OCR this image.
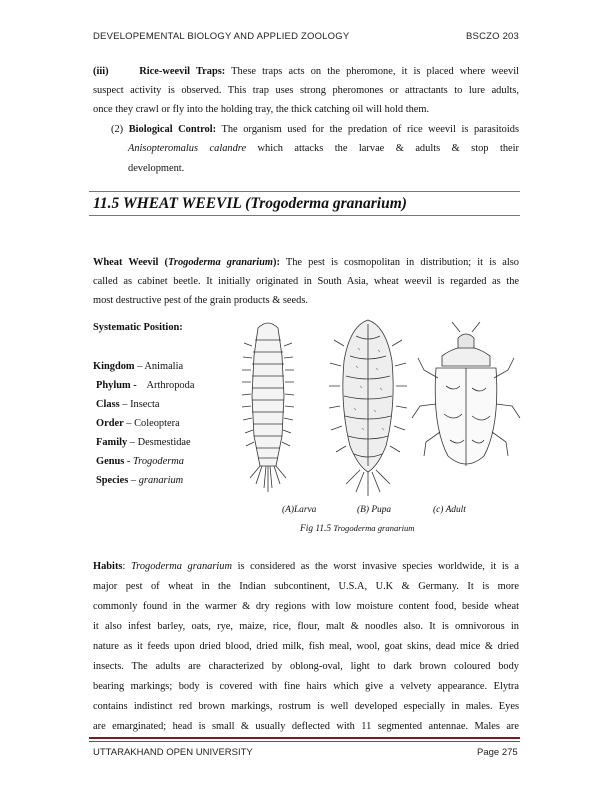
DEVELOPEMENTAL BIOLOGY AND APPLIED ZOOLOGY	BSCZO 203
(iii)	Rice-weevil Traps: These traps acts on the pheromone, it is placed where weevil
suspect activity is observed. This trap uses strong pheromones or attractants to lure adults,
once they crawl or fly into the holding tray, the thick catching oil will hold them.
(2) Biological Control: The organism used for the predation of rice weevil is parasitoids
Anisopteromalus calandre which attacks the larvae & adults & stop their
development.
11.5 WHEAT WEEVIL (Trogoderma granarium)
Wheat Weevil (Trogoderma granarium): The pest is cosmopolitan in distribution; it is also
called as cabinet beetle. It initially originated in South Asia, wheat weevil is regarded as the
most destructive pest of the grain products & seeds.
Systematic Position:
Kingdom – Animalia
Phylum - Arthropoda
Class – Insecta
Order – Coleoptera
Family – Desmestidae
Genus - Trogoderma
Species – granarium
(A)Larva	(B) Pupa	(c) Adult
Fig 11.5 Trogoderma granarium
Habits: Trogoderma granarium is considered as the worst invasive species worldwide, it is a
major pest of wheat in the Indian subcontinent, U.S.A, U.K & Germany. It is more
commonly found in the warmer & dry regions with low moisture content food, beside wheat
it also infest barley, oats, rye, maize, rice, flour, malt & noodles also. It is omnivorous in
nature as it feeds upon dried blood, dried milk, fish meal, wool, goat skins, dead mice & dried
insects. The adults are characterized by oblong-oval, light to dark brown coloured body
bearing markings; body is covered with fine hairs which give a velvety appearance. Elytra
contains indistinct red brown markings, rostrum is well developed especially in males. Eyes
are emarginated; head is small & usually deflected with 11 segmented antennae. Males are
UTTARAKHAND OPEN UNIVERSITY	Page 275
